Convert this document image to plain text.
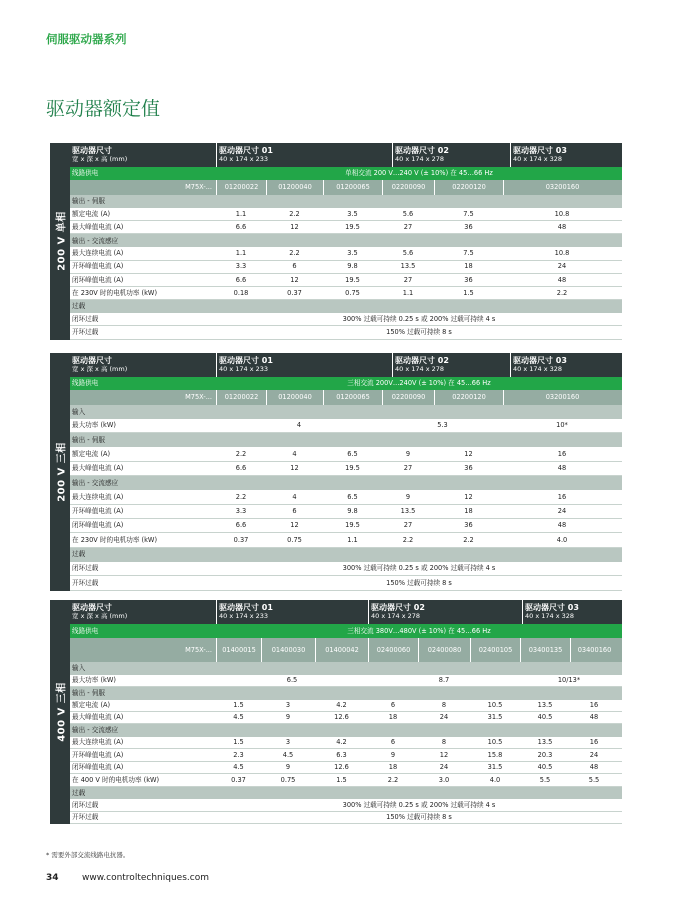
伺服驱动器系列
驱动器额定值
200 V 单相
驱动器尺寸
宽 x 深 x 高 (mm)
驱动器尺寸 01
40 x 174 x 233
驱动器尺寸 02
40 x 174 x 278
驱动器尺寸 03
40 x 174 x 328
线路供电	单相交流 200 V…240 V (± 10%) 在 45…66 Hz
M75X-...	01200022	01200040	01200065	02200090	02200120	03200160
输出 - 伺服
额定电流 (A)	1.1	2.2	3.5	5.6	7.5	10.8
最大峰值电流 (A)	6.6	12	19.5	27	36	48
输出 - 交流感应
最大连续电流 (A)	1.1	2.2	3.5	5.6	7.5	10.8
开环峰值电流 (A)	3.3	6	9.8	13.5	18	24
闭环峰值电流 (A)	6.6	12	19.5	27	36	48
在 230V 时的电机功率 (kW)	0.18	0.37	0.75	1.1	1.5	2.2
过载
闭环过载	300% 过载可持续 0.25 s 或 200% 过载可持续 4 s
开环过载	150% 过载可持续 8 s
200 V 三相
驱动器尺寸
宽 x 深 x 高 (mm)
驱动器尺寸 01
40 x 174 x 233
驱动器尺寸 02
40 x 174 x 278
驱动器尺寸 03
40 x 174 x 328
线路供电	三相交流 200V…240V (± 10%) 在 45…66 Hz
M75X-...	01200022	01200040	01200065	02200090	02200120	03200160
输入
最大功率 (kW)	4	5.3	10*
输出 - 伺服
额定电流 (A)	2.2	4	6.5	9	12	16
最大峰值电流 (A)	6.6	12	19.5	27	36	48
输出 - 交流感应
最大连续电流 (A)	2.2	4	6.5	9	12	16
开环峰值电流 (A)	3.3	6	9.8	13.5	18	24
闭环峰值电流 (A)	6.6	12	19.5	27	36	48
在 230V 时的电机功率 (kW)	0.37	0.75	1.1	2.2	2.2	4.0
过载
闭环过载	300% 过载可持续 0.25 s 或 200% 过载可持续 4 s
开环过载	150% 过载可持续 8 s
400 V 三相
驱动器尺寸
宽 x 深 x 高 (mm)
驱动器尺寸 01
40 x 174 x 233
驱动器尺寸 02
40 x 174 x 278
驱动器尺寸 03
40 x 174 x 328
线路供电	三相交流 380V…480V (± 10%) 在 45…66 Hz
M75X-...	01400015	01400030	01400042	02400060	02400080	02400105	03400135	03400160
输入
最大功率 (kW)	6.5	8.7	10/13*
输出 - 伺服
额定电流 (A)	1.5	3	4.2	6	8	10.5	13.5	16
最大峰值电流 (A)	4.5	9	12.6	18	24	31.5	40.5	48
输出 - 交流感应
最大连续电流 (A)	1.5	3	4.2	6	8	10.5	13.5	16
开环峰值电流 (A)	2.3	4.5	6.3	9	12	15.8	20.3	24
闭环峰值电流 (A)	4.5	9	12.6	18	24	31.5	40.5	48
在 400 V 时的电机功率 (kW)	0.37	0.75	1.5	2.2	3.0	4.0	5.5	5.5
过载
闭环过载	300% 过载可持续 0.25 s 或 200% 过载可持续 4 s
开环过载	150% 过载可持续 8 s
* 需要外部交流线路电抗器。
34	www.controltechniques.com
